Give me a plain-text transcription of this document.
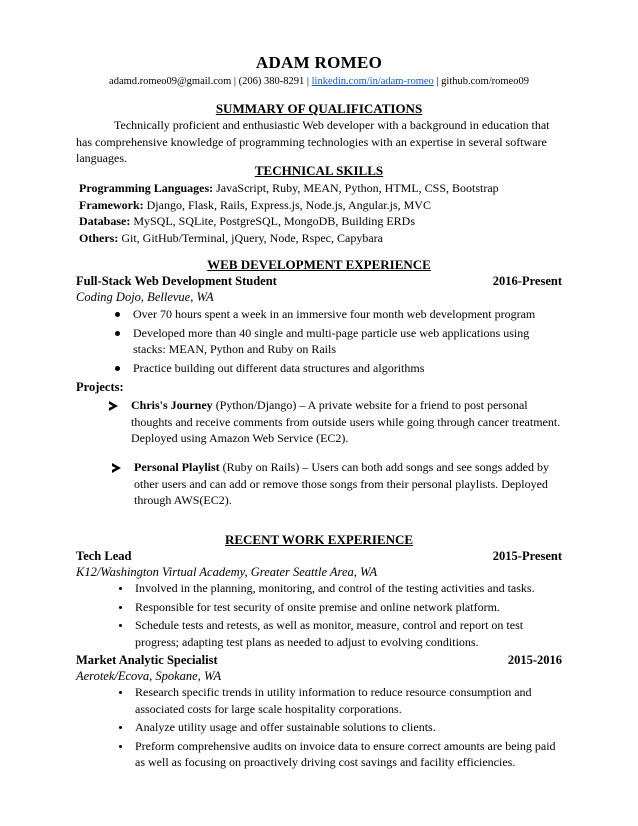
ADAM ROMEO
adamd.romeo09@gmail.com | (206) 380-8291 | linkedin.com/in/adam-romeo | github.com/romeo09
SUMMARY OF QUALIFICATIONS
Technically proficient and enthusiastic Web developer with a background in education that has comprehensive knowledge of programming technologies with an expertise in several software languages.
TECHNICAL SKILLS
Programming Languages: JavaScript, Ruby, MEAN, Python, HTML, CSS, Bootstrap
Framework: Django, Flask, Rails, Express.js, Node.js, Angular.js, MVC
Database: MySQL, SQLite, PostgreSQL, MongoDB, Building ERDs
Others: Git, GitHub/Terminal, jQuery, Node, Rspec, Capybara
WEB DEVELOPMENT EXPERIENCE
Full-Stack Web Development Student	2016-Present
Coding Dojo, Bellevue, WA
Over 70 hours spent a week in an immersive four month web development program
Developed more than 40 single and multi-page particle use web applications using stacks: MEAN, Python and Ruby on Rails
Practice building out different data structures and algorithms
Projects:
Chris's Journey (Python/Django) – A private website for a friend to post personal thoughts and receive comments from outside users while going through cancer treatment. Deployed using Amazon Web Service (EC2).
Personal Playlist (Ruby on Rails) – Users can both add songs and see songs added by other users and can add or remove those songs from their personal playlists. Deployed through AWS(EC2).
RECENT WORK EXPERIENCE
Tech Lead	2015-Present
K12/Washington Virtual Academy, Greater Seattle Area, WA
Involved in the planning, monitoring, and control of the testing activities and tasks.
Responsible for test security of onsite premise and online network platform.
Schedule tests and retests, as well as monitor, measure, control and report on test progress; adapting test plans as needed to adjust to evolving conditions.
Market Analytic Specialist	2015-2016
Aerotek/Ecova, Spokane, WA
Research specific trends in utility information to reduce resource consumption and associated costs for large scale hospitality corporations.
Analyze utility usage and offer sustainable solutions to clients.
Preform comprehensive audits on invoice data to ensure correct amounts are being paid as well as focusing on proactively driving cost savings and facility efficiencies.
